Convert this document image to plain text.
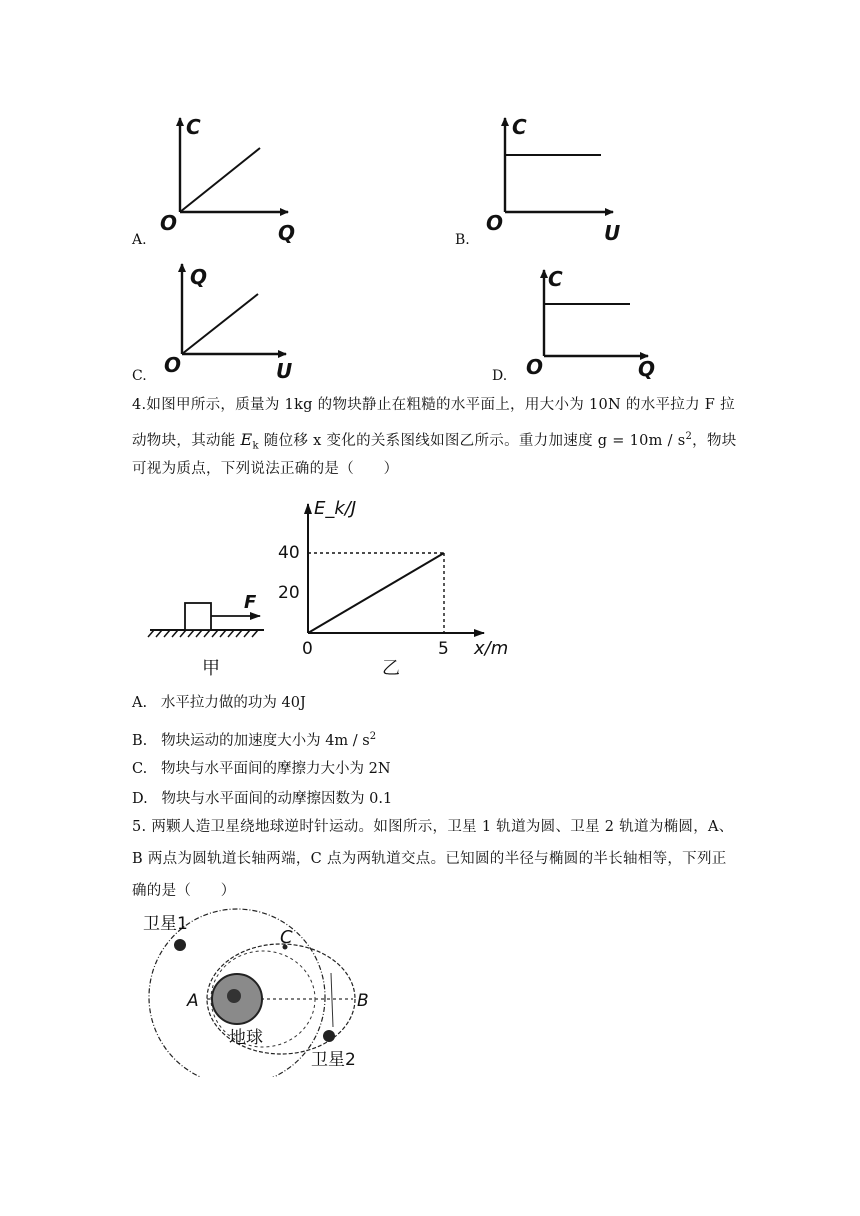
A.
C
O	Q	B.
C
O	U
C.
Q
O	U	D.
C
O	Q
4.如图甲所示，质量为 1kg 的物块静止在粗糙的水平面上，用大小为 10N 的水平拉力 F 拉
动物块，其动能 $E_k$ 随位移 x 变化的关系图线如图乙所示。重力加速度 $g = 10m / s^2$，物块
可视为质点，下列说法正确的是（　　）
F
甲
40
20
0	5
E_k/J
x/m
乙
A. 水平拉力做的功为 40J
B. 物块运动的加速度大小为 $4m / s^2$
C. 物块与水平面间的摩擦力大小为 2N
D. 物块与水平面间的动摩擦因数为 0.1
5. 两颗人造卫星绕地球逆时针运动。如图所示，卫星 1 轨道为圆、卫星 2 轨道为椭圆，A、
B 两点为圆轨道长轴两端，C 点为两轨道交点。已知圆的半径与椭圆的半长轴相等，下列正
确的是（　　）
卫星1
C
A	B
地球
卫星2
